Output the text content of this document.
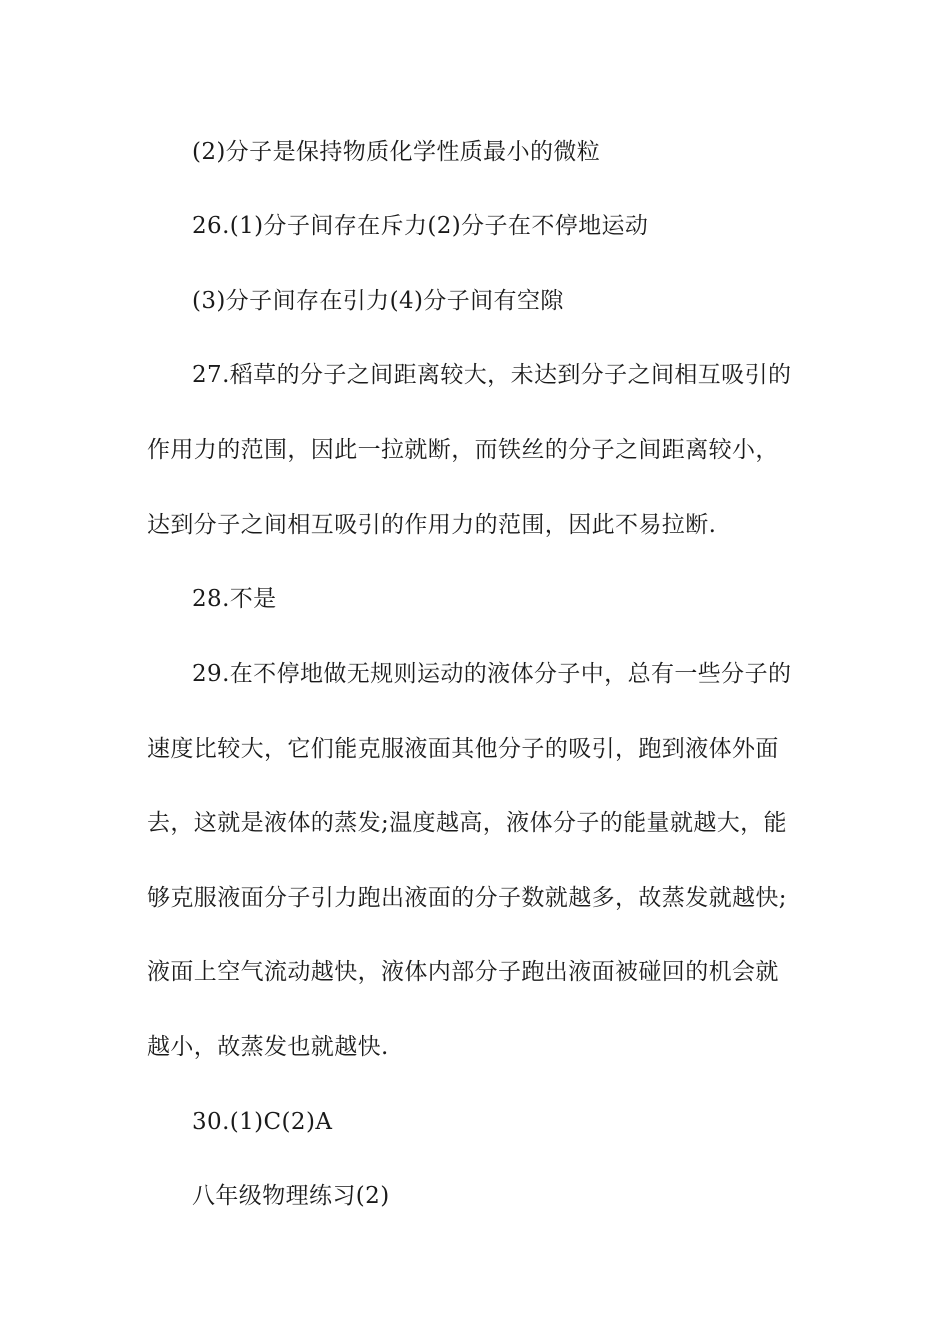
(2)分子是保持物质化学性质最小的微粒
26.(1)分子间存在斥力(2)分子在不停地运动
(3)分子间存在引力(4)分子间有空隙
27.稻草的分子之间距离较大，未达到分子之间相互吸引的
作用力的范围，因此一拉就断，而铁丝的分子之间距离较小，
达到分子之间相互吸引的作用力的范围，因此不易拉断.
28.不是
29.在不停地做无规则运动的液体分子中，总有一些分子的
速度比较大，它们能克服液面其他分子的吸引，跑到液体外面
去，这就是液体的蒸发;温度越高，液体分子的能量就越大，能
够克服液面分子引力跑出液面的分子数就越多，故蒸发就越快;
液面上空气流动越快，液体内部分子跑出液面被碰回的机会就
越小，故蒸发也就越快.
30.(1)C(2)A
八年级物理练习(2)
